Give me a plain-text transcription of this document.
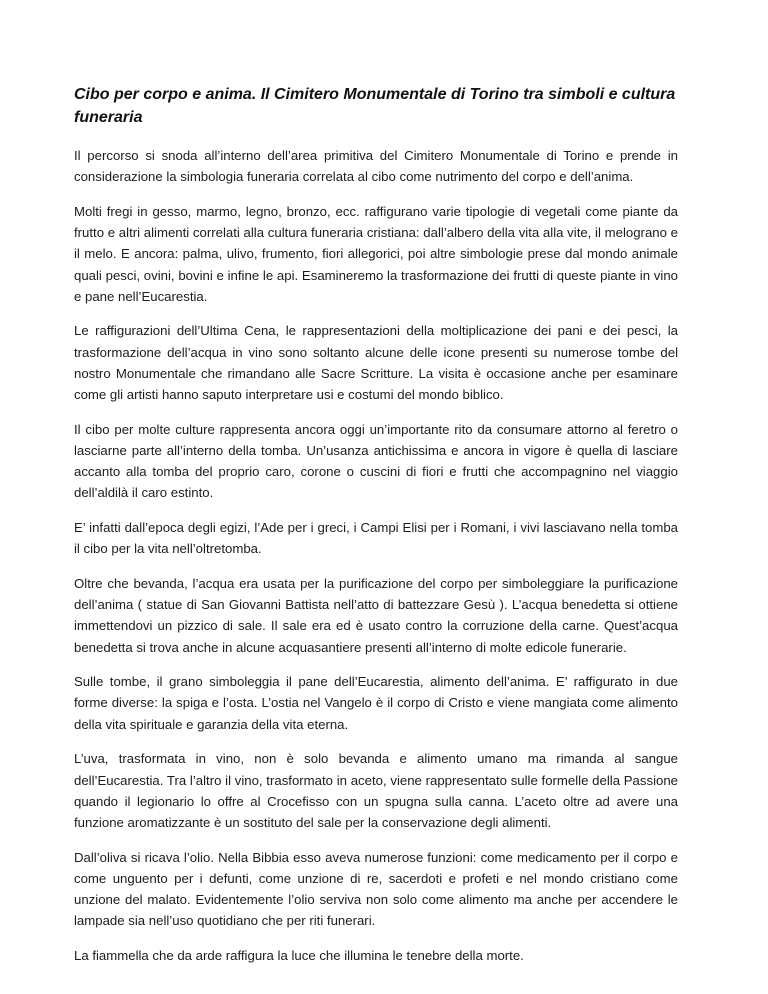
Cibo per corpo e anima. Il Cimitero Monumentale di Torino tra simboli e cultura funeraria

Il percorso si snoda all’interno dell’area primitiva del Cimitero Monumentale di Torino e prende in considerazione la simbologia funeraria correlata al cibo come nutrimento del corpo e dell’anima.

Molti fregi in gesso, marmo, legno, bronzo, ecc. raffigurano varie tipologie di vegetali come piante da frutto e altri alimenti correlati alla cultura funeraria cristiana: dall’albero della vita alla vite, il melograno e il melo. E ancora: palma, ulivo, frumento, fiori allegorici, poi altre simbologie prese dal mondo animale quali pesci, ovini, bovini e infine le api. Esamineremo la trasformazione dei frutti di queste piante in vino e pane nell’Eucarestia.

Le raffigurazioni dell’Ultima Cena, le rappresentazioni della moltiplicazione dei pani e dei pesci, la trasformazione dell’acqua in vino sono soltanto alcune delle icone presenti su numerose tombe del nostro Monumentale che rimandano alle Sacre Scritture. La visita è occasione anche per esaminare come gli artisti hanno saputo interpretare usi e costumi del mondo biblico.

Il cibo per molte culture rappresenta ancora oggi un’importante rito da consumare attorno al feretro o lasciarne parte all’interno della tomba. Un’usanza antichissima e ancora in vigore è quella di lasciare accanto alla tomba del proprio caro, corone o cuscini di fiori e frutti che accompagnino nel viaggio dell’aldilà il caro estinto.

E’ infatti dall’epoca degli egizi, l’Ade per i greci, i Campi Elisi per i Romani, i vivi lasciavano nella tomba il cibo per la vita nell’oltretomba.

Oltre che bevanda, l’acqua era usata per la purificazione del corpo per simboleggiare la purificazione dell’anima ( statue di San Giovanni Battista nell’atto di battezzare Gesù ). L’acqua benedetta si ottiene immettendovi un pizzico di sale. Il sale era ed è usato contro la corruzione della carne. Quest’acqua benedetta si trova anche in alcune acquasantiere presenti all’interno di molte edicole funerarie.

Sulle tombe, il grano simboleggia il pane dell’Eucarestia, alimento dell’anima. E’ raffigurato in due forme diverse: la spiga e l’osta. L’ostia nel Vangelo è il corpo di Cristo e viene mangiata come alimento della vita spirituale e garanzia della vita eterna.

L’uva, trasformata in vino, non è solo bevanda e alimento umano ma rimanda al sangue dell’Eucarestia. Tra l’altro il vino, trasformato in aceto, viene rappresentato sulle formelle della Passione quando il legionario lo offre al Crocefisso con un spugna sulla canna. L’aceto oltre ad avere una funzione aromatizzante è un sostituto del sale per la conservazione degli alimenti.

Dall’oliva si ricava l’olio. Nella Bibbia esso aveva numerose funzioni: come medicamento per il corpo e come unguento per i defunti, come unzione di re, sacerdoti e profeti e nel mondo cristiano come unzione del malato. Evidentemente l’olio serviva non solo come alimento ma anche per accendere le lampade sia nell’uso quotidiano che per riti funerari.

La fiammella che da arde raffigura la luce che illumina le tenebre della morte.
